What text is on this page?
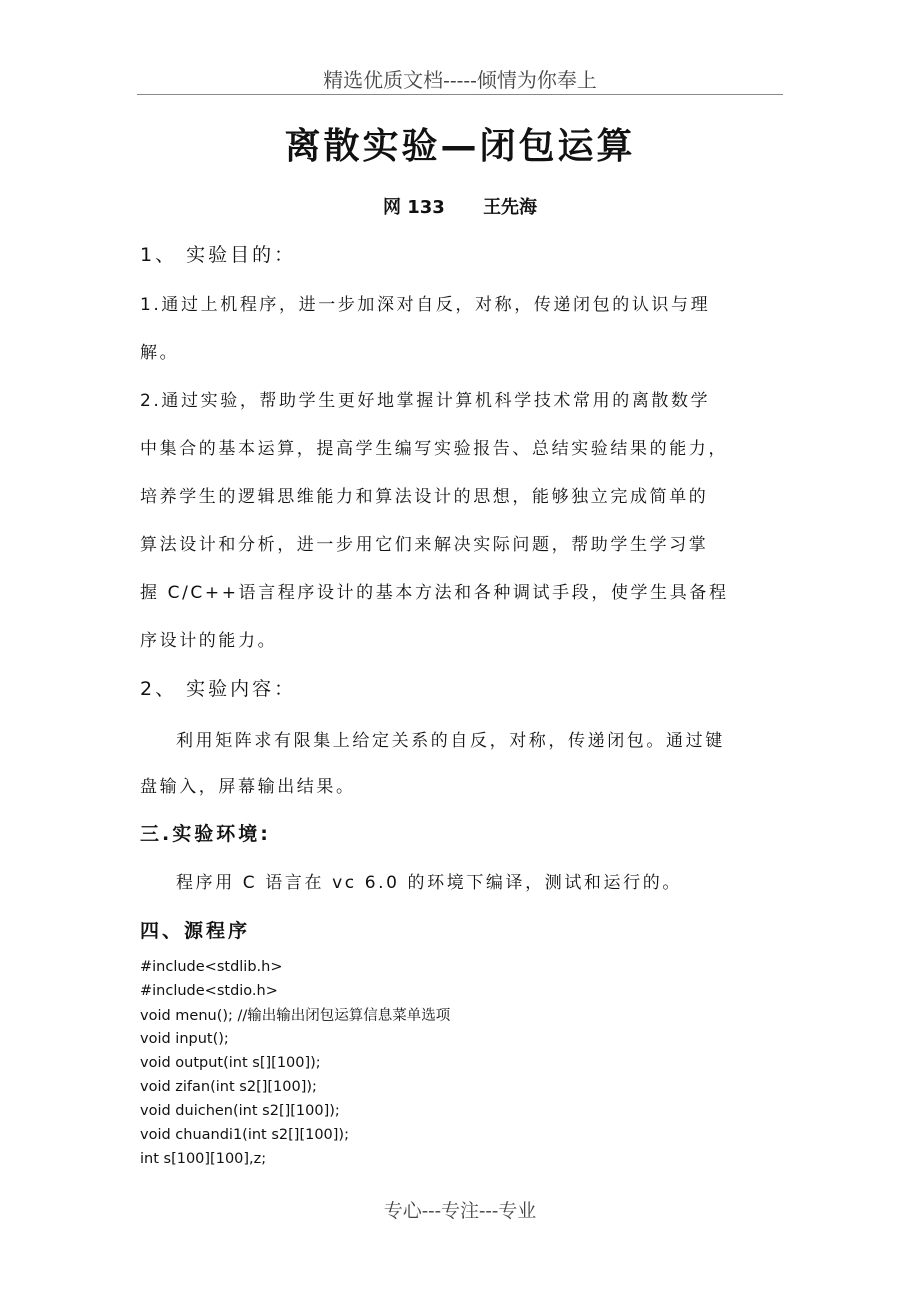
精选优质文档-----倾情为你奉上
离散实验—闭包运算
网 133 王先海
1、 实验目的：
1.通过上机程序，进一步加深对自反，对称，传递闭包的认识与理
解。
2.通过实验，帮助学生更好地掌握计算机科学技术常用的离散数学
中集合的基本运算，提高学生编写实验报告、总结实验结果的能力，
培养学生的逻辑思维能力和算法设计的思想，能够独立完成简单的
算法设计和分析，进一步用它们来解决实际问题，帮助学生学习掌
握 C/C++语言程序设计的基本方法和各种调试手段，使学生具备程
序设计的能力。
2、 实验内容：
利用矩阵求有限集上给定关系的自反，对称，传递闭包。通过键
盘输入，屏幕输出结果。
三.实验环境:
程序用 C 语言在 vc 6.0 的环境下编译，测试和运行的。
四、源程序
#include<stdlib.h>
#include<stdio.h>
void menu(); //输出输出闭包运算信息菜单选项
void input();
void output(int s[][100]);
void zifan(int s2[][100]);
void duichen(int s2[][100]);
void chuandi1(int s2[][100]);
int s[100][100],z;
专心---专注---专业
